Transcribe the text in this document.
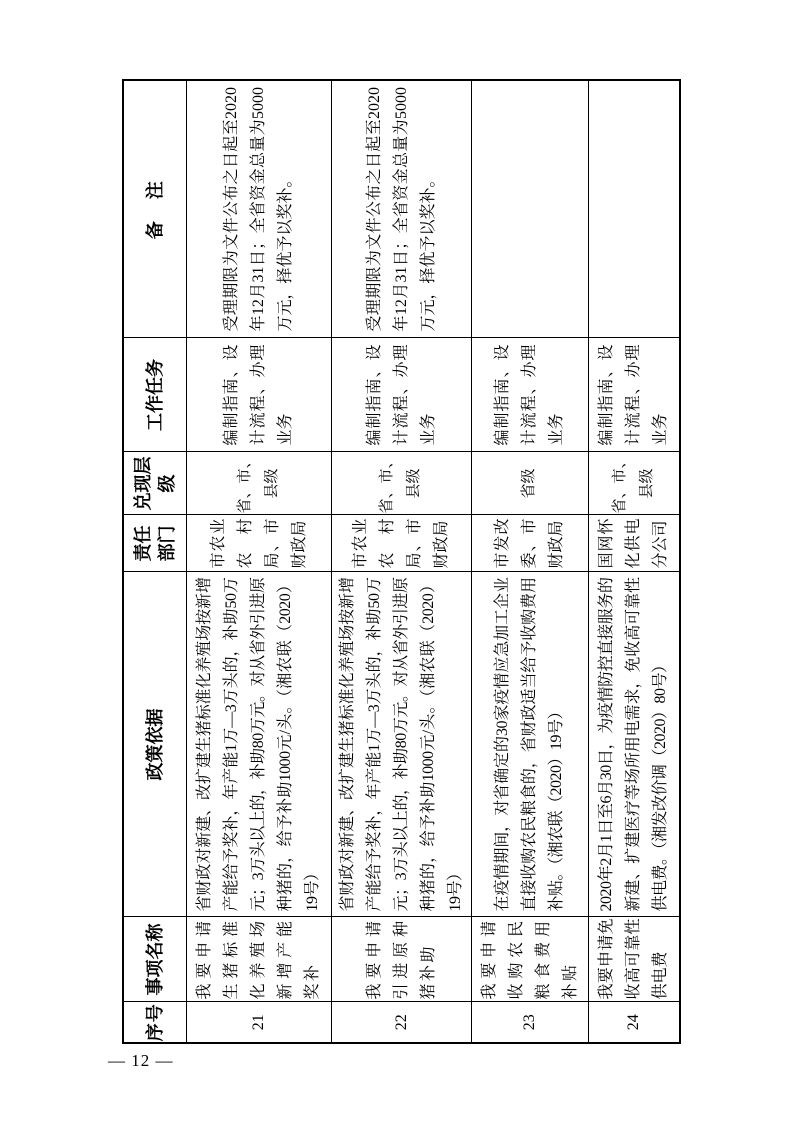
序号	事项名称	政策依据	责任部门	兑现层级	工作任务	备　注
21	我要申请生猪标准化养殖场新增产能奖补	省财政对新建、改扩建生猪标准化养殖场按新增产能给予奖补，年产能1万—3万头的，补助50万元；3万头以上的，补助80万元。对从省外引进原种猪的，给予补助1000元/头。（湘农联（2020）19号）	市农业农村局、市财政局	省、市、县级	编制指南、设计流程、办理业务	受理期限为文件公布之日起至2020年12月31日；全省资金总量为5000万元，择优予以奖补。
22	我要申请引进原种猪补助	省财政对新建、改扩建生猪标准化养殖场按新增产能给予奖补，年产能1万—3万头的，补助50万元；3万头以上的，补助80万元。对从省外引进原种猪的，给予补助1000元/头。（湘农联（2020）19号）	市农业农村局、市财政局	省、市、县级	编制指南、设计流程、办理业务	受理期限为文件公布之日起至2020年12月31日；全省资金总量为5000万元，择优予以奖补。
23	我要申请收购农民粮食费用补贴	在疫情期间，对省确定的30家疫情应急加工企业直接收购农民粮食的，省财政适当给予收购费用补贴。（湘农联（2020）19号）	市发改委、市财政局	省级	编制指南、设计流程、办理业务	
24	我要申请免收高可靠性供电费	2020年2月1日至6月30日，为疫情防控直接服务的新建、扩建医疗等场所用电需求，免收高可靠性供电费。（湘发改价调（2020）80号）	国网怀化供电分公司	省、市、县级	编制指南、设计流程、办理业务	
— 12 —
